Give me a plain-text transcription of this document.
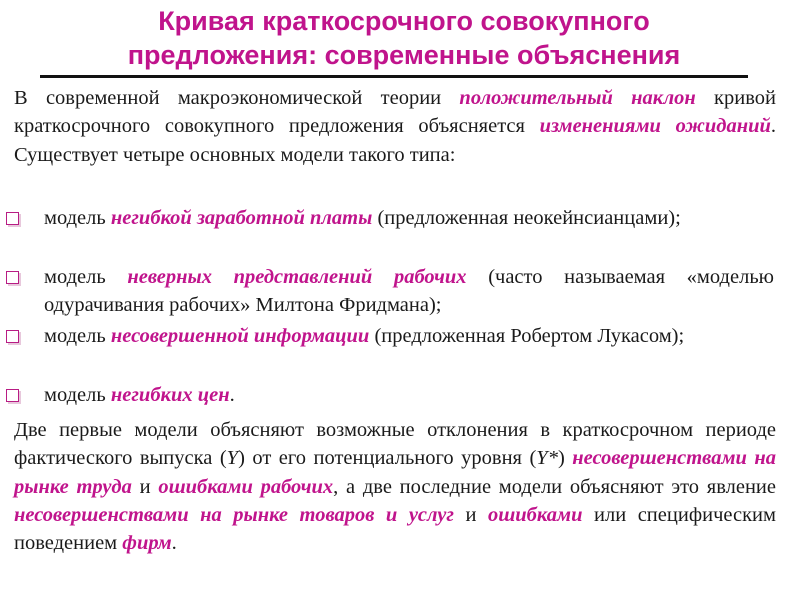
Кривая краткосрочного совокупного
предложения: современные объяснения
В современной макроэкономической теории положительный наклон кривой краткосрочного совокупного предложения объясняется изменениями ожиданий. Существует четыре основных модели такого типа:
модель негибкой заработной платы (предложенная неокейнсианцами);
модель неверных представлений рабочих (часто называемая «моделью одурачивания рабочих» Милтона Фридмана);
модель несовершенной информации (предложенная Робертом Лукасом);
модель негибких цен.
Две первые модели объясняют возможные отклонения в краткосрочном периоде фактического выпуска (Y) от его потенциального уровня (Y*) несовершенствами на рынке труда и ошибками рабочих, а две последние модели объясняют это явление несовершенствами на рынке товаров и услуг и ошибками или специфическим поведением фирм.
